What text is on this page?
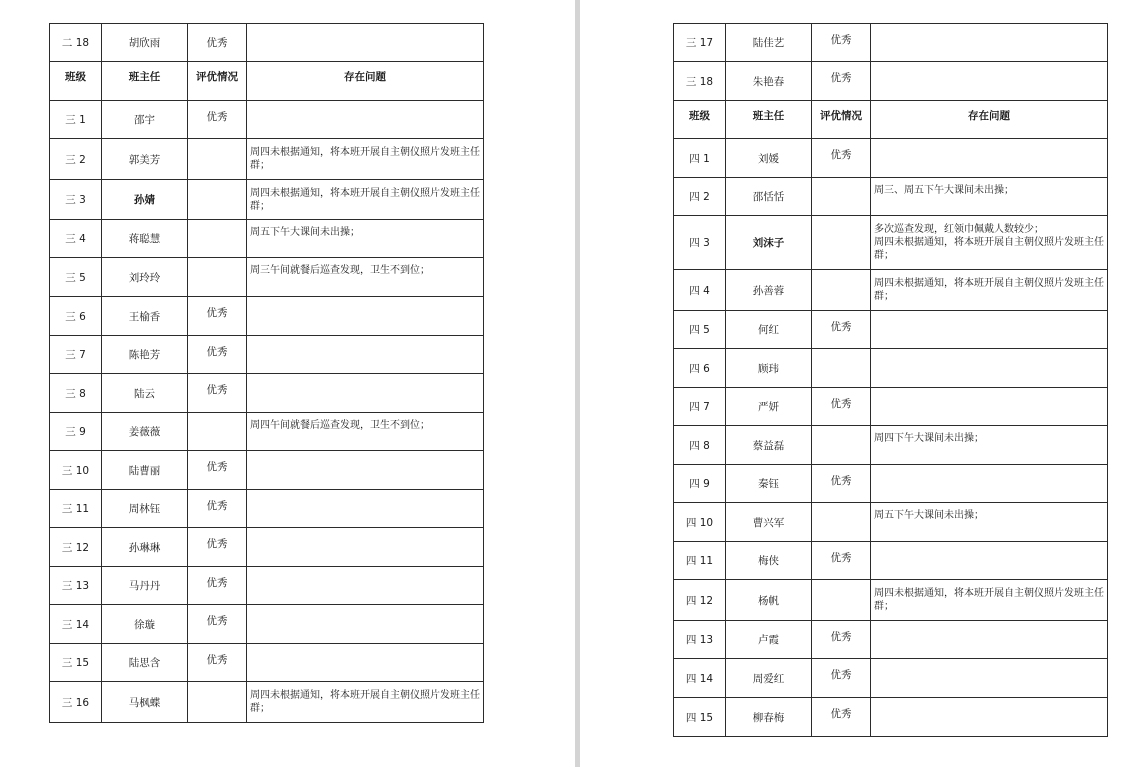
二 18	胡欣雨	优秀	
班级	班主任	评优情况	存在问题
三 1	邵宇	优秀	
三 2	郭美芳		周四未根据通知，将本班开展自主朝仪照片发班主任群；
三 3	孙婧		周四未根据通知，将本班开展自主朝仪照片发班主任群；
三 4	蒋聪慧		周五下午大课间未出操；
三 5	刘玲玲		周三午间就餐后巡查发现，卫生不到位；
三 6	王榆香	优秀	
三 7	陈艳芳	优秀	
三 8	陆云	优秀	
三 9	姜薇薇		周四午间就餐后巡查发现，卫生不到位；
三 10	陆曹丽	优秀	
三 11	周林钰	优秀	
三 12	孙琳琳	优秀	
三 13	马丹丹	优秀	
三 14	徐璇	优秀	
三 15	陆思含	优秀	
三 16	马枫蝶		周四未根据通知，将本班开展自主朝仪照片发班主任群；
三 17	陆佳艺	优秀	
三 18	朱艳春	优秀	
班级	班主任	评优情况	存在问题
四 1	刘媛	优秀	
四 2	邵恬恬		周三、周五下午大课间未出操；
四 3	刘沫子		多次巡查发现，红领巾佩戴人数较少；
周四未根据通知，将本班开展自主朝仪照片发班主任群；
四 4	孙善蓉		周四未根据通知，将本班开展自主朝仪照片发班主任群；
四 5	何红	优秀	
四 6	顾玮		
四 7	严妍	优秀	
四 8	蔡益磊		周四下午大课间未出操；
四 9	秦钰	优秀	
四 10	曹兴军		周五下午大课间未出操；
四 11	梅侠	优秀	
四 12	杨帆		周四未根据通知，将本班开展自主朝仪照片发班主任群；
四 13	卢霞	优秀	
四 14	周爱红	优秀	
四 15	柳春梅	优秀	
